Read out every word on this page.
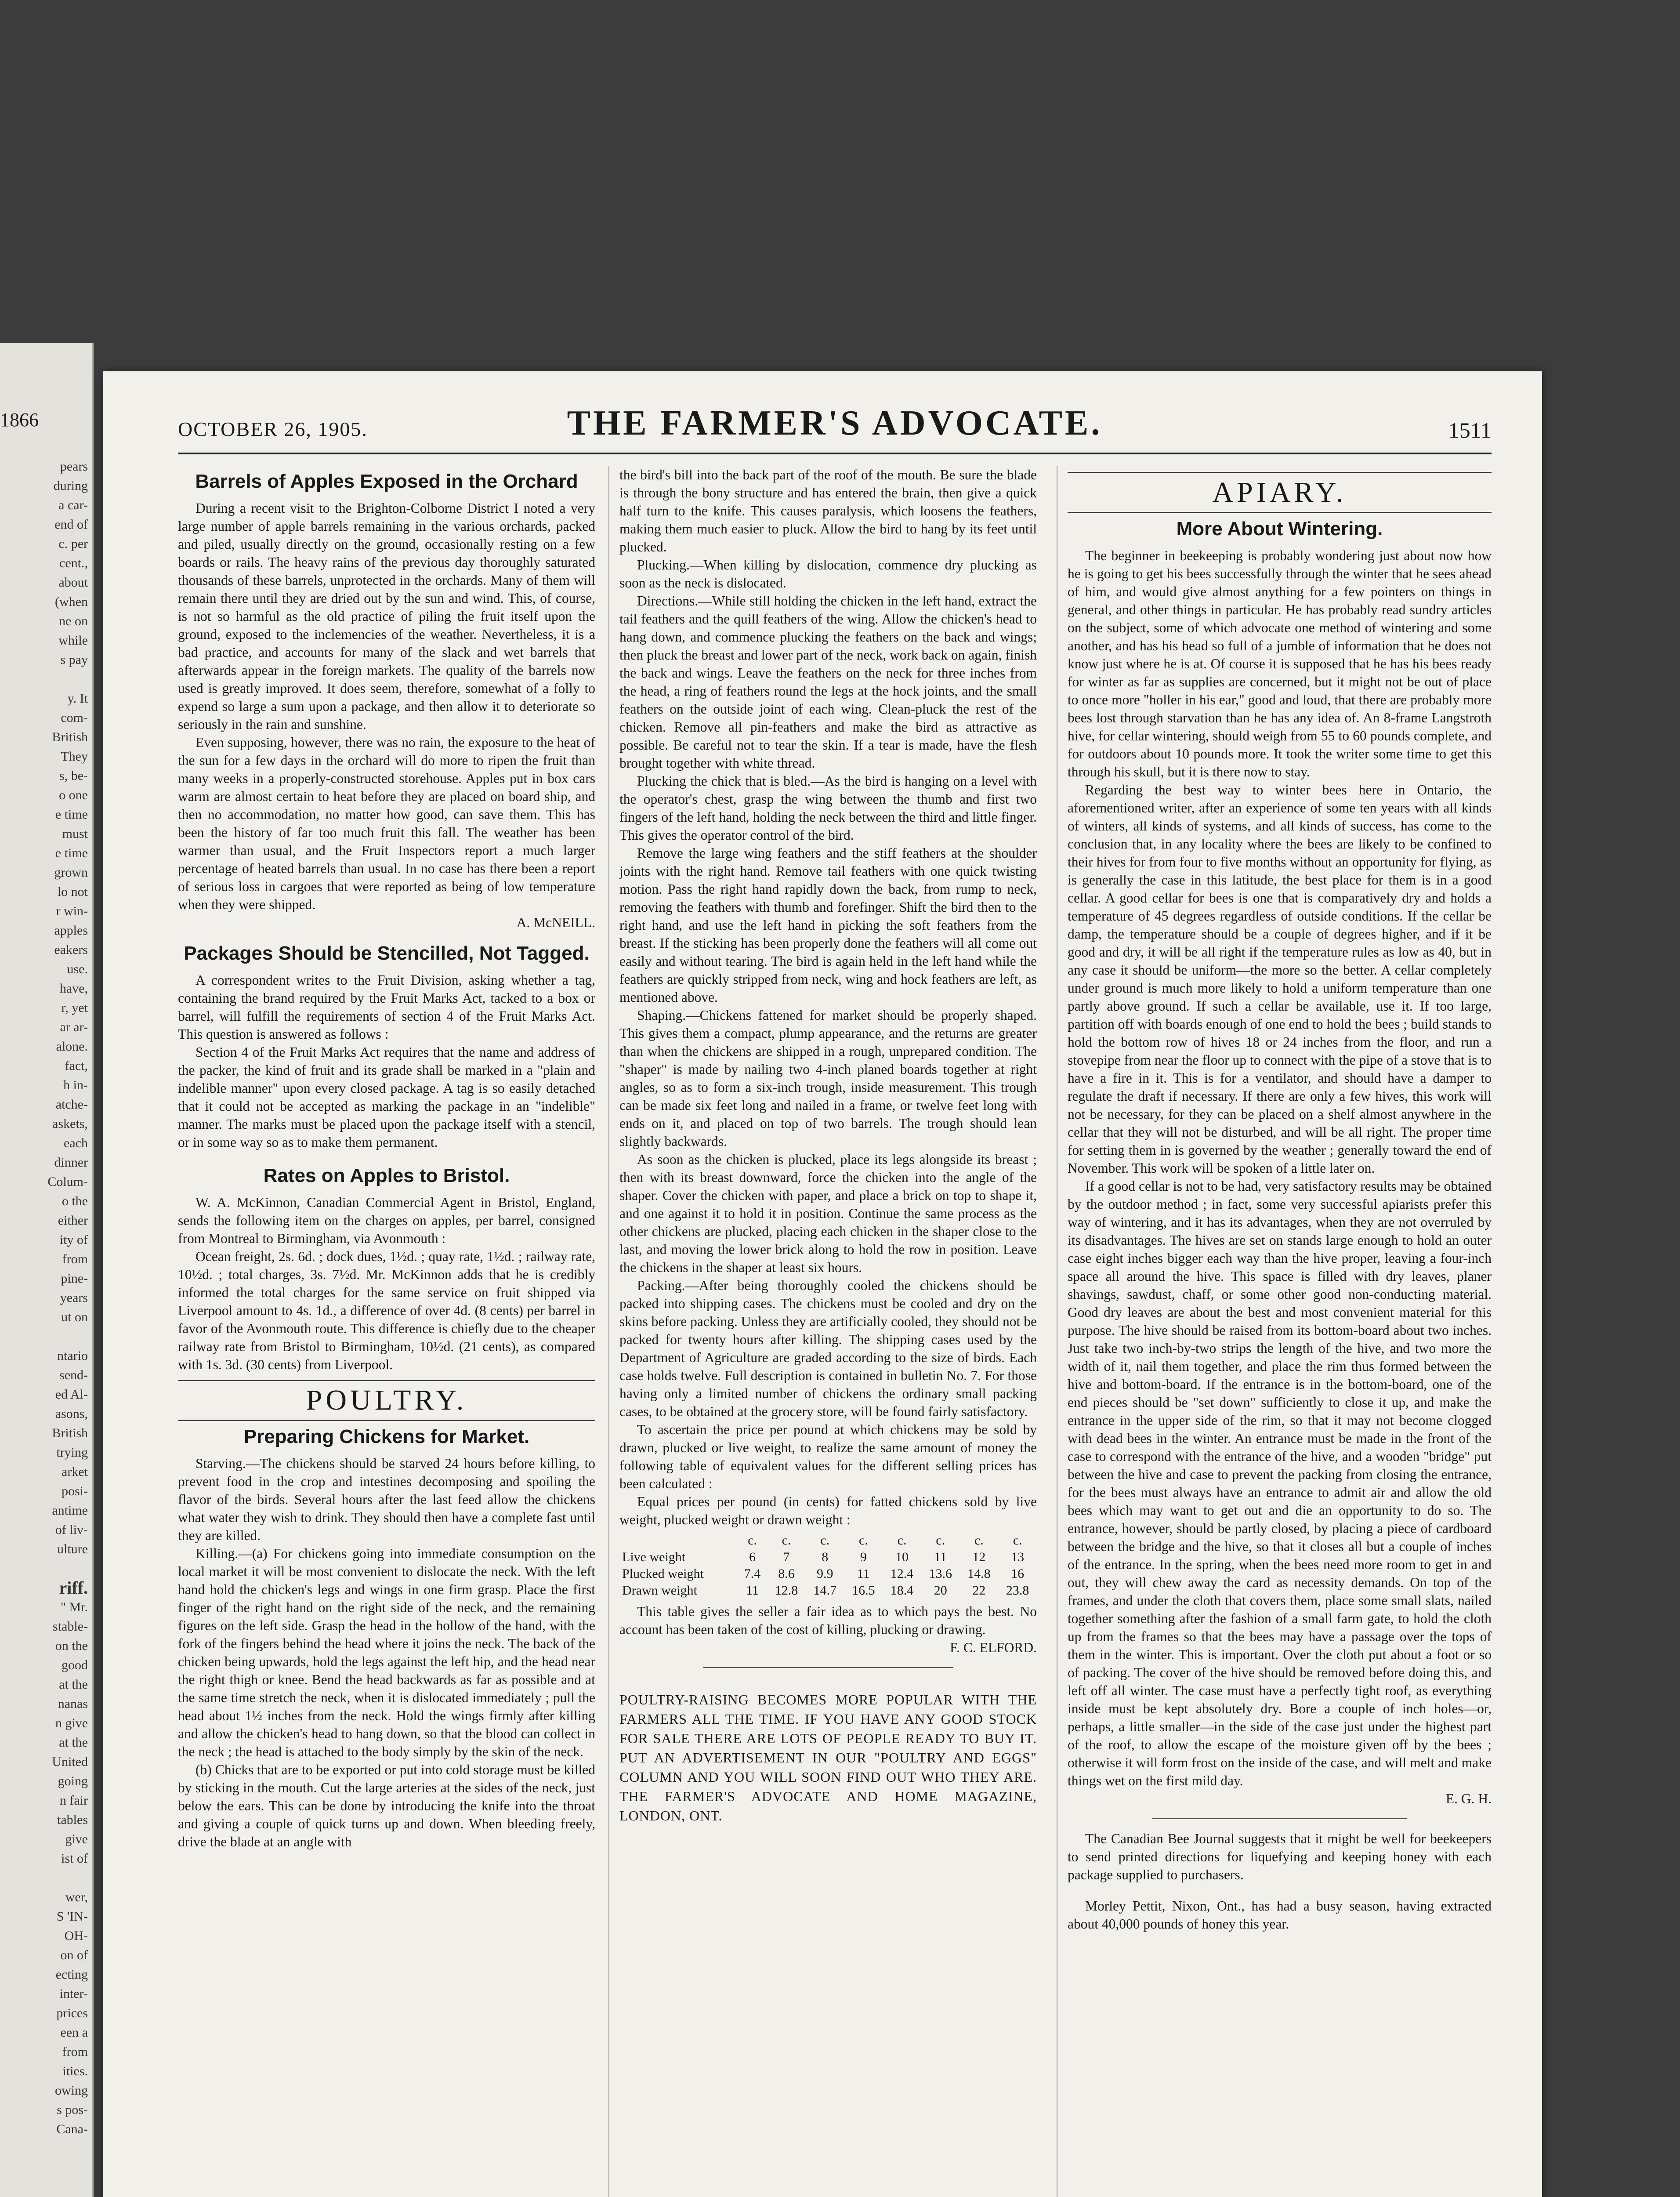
1866
pears
during
a car-
end of
c. per
cent.,
about
(when
ne on
while
s pay

y. It
com-
British
They
s, be-
o one
e time
must
e time
grown
lo not
r win-
apples
eakers
use.
have,
r, yet
ar ar-
alone.
fact,
h in-
atche-
askets,
each
dinner
Colum-
o the
either
ity of
from
pine-
years
ut on

ntario
send-
ed Al-
asons,
British
trying
arket
posi-
antime
of liv-
ulture

riff.
" Mr.
stable-
on the
good
at the
nanas
n give
at the
United
going
n fair
tables
give
ist of

wer,
S 'IN-
OH-
on of
ecting
inter-
prices
een a
from
ities.
owing
s pos-
Cana-

OCTOBER 26, 1905.	THE FARMER'S ADVOCATE.	1511
Barrels of Apples Exposed in the Orchard

During a recent visit to the Brighton-Colborne District I noted a very large number of apple barrels remaining in the various orchards, packed and piled, usually directly on the ground, occasionally resting on a few boards or rails. The heavy rains of the previous day thoroughly saturated thousands of these barrels, unprotected in the orchards. Many of them will remain there until they are dried out by the sun and wind. This, of course, is not so harmful as the old practice of piling the fruit itself upon the ground, exposed to the inclemencies of the weather. Nevertheless, it is a bad practice, and accounts for many of the slack and wet barrels that afterwards appear in the foreign markets. The quality of the barrels now used is greatly improved. It does seem, therefore, somewhat of a folly to expend so large a sum upon a package, and then allow it to deteriorate so seriously in the rain and sunshine.

Even supposing, however, there was no rain, the exposure to the heat of the sun for a few days in the orchard will do more to ripen the fruit than many weeks in a properly-constructed storehouse. Apples put in box cars warm are almost certain to heat before they are placed on board ship, and then no accommodation, no matter how good, can save them. This has been the history of far too much fruit this fall. The weather has been warmer than usual, and the Fruit Inspectors report a much larger percentage of heated barrels than usual. In no case has there been a report of serious loss in cargoes that were reported as being of low temperature when they were shipped.

A. McNEILL.

Packages Should be Stencilled, Not Tagged.

A correspondent writes to the Fruit Division, asking whether a tag, containing the brand required by the Fruit Marks Act, tacked to a box or barrel, will fulfill the requirements of section 4 of the Fruit Marks Act. This question is answered as follows :

Section 4 of the Fruit Marks Act requires that the name and address of the packer, the kind of fruit and its grade shall be marked in a "plain and indelible manner" upon every closed package. A tag is so easily detached that it could not be accepted as marking the package in an "indelible" manner. The marks must be placed upon the package itself with a stencil, or in some way so as to make them permanent.

Rates on Apples to Bristol.

W. A. McKinnon, Canadian Commercial Agent in Bristol, England, sends the following item on the charges on apples, per barrel, consigned from Montreal to Birmingham, via Avonmouth :

Ocean freight, 2s. 6d. ; dock dues, 1½d. ; quay rate, 1½d. ; railway rate, 10½d. ; total charges, 3s. 7½d. Mr. McKinnon adds that he is credibly informed the total charges for the same service on fruit shipped via Liverpool amount to 4s. 1d., a difference of over 4d. (8 cents) per barrel in favor of the Avonmouth route. This difference is chiefly due to the cheaper railway rate from Bristol to Birmingham, 10½d. (21 cents), as compared with 1s. 3d. (30 cents) from Liverpool.

POULTRY.
Preparing Chickens for Market.

Starving.—The chickens should be starved 24 hours before killing, to prevent food in the crop and intestines decomposing and spoiling the flavor of the birds. Several hours after the last feed allow the chickens what water they wish to drink. They should then have a complete fast until they are killed.

Killing.—(a) For chickens going into immediate consumption on the local market it will be most convenient to dislocate the neck. With the left hand hold the chicken's legs and wings in one firm grasp. Place the first finger of the right hand on the right side of the neck, and the remaining figures on the left side. Grasp the head in the hollow of the hand, with the fork of the fingers behind the head where it joins the neck. The back of the chicken being upwards, hold the legs against the left hip, and the head near the right thigh or knee. Bend the head backwards as far as possible and at the same time stretch the neck, when it is dislocated immediately ; pull the head about 1½ inches from the neck. Hold the wings firmly after killing and allow the chicken's head to hang down, so that the blood can collect in the neck ; the head is attached to the body simply by the skin of the neck.

(b) Chicks that are to be exported or put into cold storage must be killed by sticking in the mouth. Cut the large arteries at the sides of the neck, just below the ears. This can be done by introducing the knife into the throat and giving a couple of quick turns up and down. When bleeding freely, drive the blade at an angle with

the bird's bill into the back part of the roof of the mouth. Be sure the blade is through the bony structure and has entered the brain, then give a quick half turn to the knife. This causes paralysis, which loosens the feathers, making them much easier to pluck. Allow the bird to hang by its feet until plucked.

Plucking.—When killing by dislocation, commence dry plucking as soon as the neck is dislocated.

Directions.—While still holding the chicken in the left hand, extract the tail feathers and the quill feathers of the wing. Allow the chicken's head to hang down, and commence plucking the feathers on the back and wings; then pluck the breast and lower part of the neck, work back on again, finish the back and wings. Leave the feathers on the neck for three inches from the head, a ring of feathers round the legs at the hock joints, and the small feathers on the outside joint of each wing. Clean-pluck the rest of the chicken. Remove all pin-feathers and make the bird as attractive as possible. Be careful not to tear the skin. If a tear is made, have the flesh brought together with white thread.

Plucking the chick that is bled.—As the bird is hanging on a level with the operator's chest, grasp the wing between the thumb and first two fingers of the left hand, holding the neck between the third and little finger. This gives the operator control of the bird.

Remove the large wing feathers and the stiff feathers at the shoulder joints with the right hand. Remove tail feathers with one quick twisting motion. Pass the right hand rapidly down the back, from rump to neck, removing the feathers with thumb and forefinger. Shift the bird then to the right hand, and use the left hand in picking the soft feathers from the breast. If the sticking has been properly done the feathers will all come out easily and without tearing. The bird is again held in the left hand while the feathers are quickly stripped from neck, wing and hock feathers are left, as mentioned above.

Shaping.—Chickens fattened for market should be properly shaped. This gives them a compact, plump appearance, and the returns are greater than when the chickens are shipped in a rough, unprepared condition. The "shaper" is made by nailing two 4-inch planed boards together at right angles, so as to form a six-inch trough, inside measurement. This trough can be made six feet long and nailed in a frame, or twelve feet long with ends on it, and placed on top of two barrels. The trough should lean slightly backwards.

As soon as the chicken is plucked, place its legs alongside its breast ; then with its breast downward, force the chicken into the angle of the shaper. Cover the chicken with paper, and place a brick on top to shape it, and one against it to hold it in position. Continue the same process as the other chickens are plucked, placing each chicken in the shaper close to the last, and moving the lower brick along to hold the row in position. Leave the chickens in the shaper at least six hours.

Packing.—After being thoroughly cooled the chickens should be packed into shipping cases. The chickens must be cooled and dry on the skins before packing. Unless they are artificially cooled, they should not be packed for twenty hours after killing. The shipping cases used by the Department of Agriculture are graded according to the size of birds. Each case holds twelve. Full description is contained in bulletin No. 7. For those having only a limited number of chickens the ordinary small packing cases, to be obtained at the grocery store, will be found fairly satisfactory.

To ascertain the price per pound at which chickens may be sold by drawn, plucked or live weight, to realize the same amount of money the following table of equivalent values for the different selling prices has been calculated :

Equal prices per pound (in cents) for fatted chickens sold by live weight, plucked weight or drawn weight :

	c.	c.	c.	c.	c.	c.	c.	c.
Live weight	6	7	8	9	10	11	12	13
Plucked weight	7.4	8.6	9.9	11	12.4	13.6	14.8	16
Drawn weight	11	12.8	14.7	16.5	18.4	20	22	23.8

This table gives the seller a fair idea as to which pays the best. No account has been taken of the cost of killing, plucking or drawing.

F. C. ELFORD.

POULTRY-RAISING BECOMES MORE POPULAR WITH THE FARMERS ALL THE TIME. IF YOU HAVE ANY GOOD STOCK FOR SALE THERE ARE LOTS OF PEOPLE READY TO BUY IT. PUT AN ADVERTISEMENT IN OUR "POULTRY AND EGGS" COLUMN AND YOU WILL SOON FIND OUT WHO THEY ARE. THE FARMER'S ADVOCATE AND HOME MAGAZINE, LONDON, ONT.

APIARY.
More About Wintering.

The beginner in beekeeping is probably wondering just about now how he is going to get his bees successfully through the winter that he sees ahead of him, and would give almost anything for a few pointers on things in general, and other things in particular. He has probably read sundry articles on the subject, some of which advocate one method of wintering and some another, and has his head so full of a jumble of information that he does not know just where he is at. Of course it is supposed that he has his bees ready for winter as far as supplies are concerned, but it might not be out of place to once more "holler in his ear," good and loud, that there are probably more bees lost through starvation than he has any idea of. An 8-frame Langstroth hive, for cellar wintering, should weigh from 55 to 60 pounds complete, and for outdoors about 10 pounds more. It took the writer some time to get this through his skull, but it is there now to stay.

Regarding the best way to winter bees here in Ontario, the aforementioned writer, after an experience of some ten years with all kinds of winters, all kinds of systems, and all kinds of success, has come to the conclusion that, in any locality where the bees are likely to be confined to their hives for from four to five months without an opportunity for flying, as is generally the case in this latitude, the best place for them is in a good cellar. A good cellar for bees is one that is comparatively dry and holds a temperature of 45 degrees regardless of outside conditions. If the cellar be damp, the temperature should be a couple of degrees higher, and if it be good and dry, it will be all right if the temperature rules as low as 40, but in any case it should be uniform—the more so the better. A cellar completely under ground is much more likely to hold a uniform temperature than one partly above ground. If such a cellar be available, use it. If too large, partition off with boards enough of one end to hold the bees ; build stands to hold the bottom row of hives 18 or 24 inches from the floor, and run a stovepipe from near the floor up to connect with the pipe of a stove that is to have a fire in it. This is for a ventilator, and should have a damper to regulate the draft if necessary. If there are only a few hives, this work will not be necessary, for they can be placed on a shelf almost anywhere in the cellar that they will not be disturbed, and will be all right. The proper time for setting them in is governed by the weather ; generally toward the end of November. This work will be spoken of a little later on.

If a good cellar is not to be had, very satisfactory results may be obtained by the outdoor method ; in fact, some very successful apiarists prefer this way of wintering, and it has its advantages, when they are not overruled by its disadvantages. The hives are set on stands large enough to hold an outer case eight inches bigger each way than the hive proper, leaving a four-inch space all around the hive. This space is filled with dry leaves, planer shavings, sawdust, chaff, or some other good non-conducting material. Good dry leaves are about the best and most convenient material for this purpose. The hive should be raised from its bottom-board about two inches. Just take two inch-by-two strips the length of the hive, and two more the width of it, nail them together, and place the rim thus formed between the hive and bottom-board. If the entrance is in the bottom-board, one of the end pieces should be "set down" sufficiently to close it up, and make the entrance in the upper side of the rim, so that it may not become clogged with dead bees in the winter. An entrance must be made in the front of the case to correspond with the entrance of the hive, and a wooden "bridge" put between the hive and case to prevent the packing from closing the entrance, for the bees must always have an entrance to admit air and allow the old bees which may want to get out and die an opportunity to do so. The entrance, however, should be partly closed, by placing a piece of cardboard between the bridge and the hive, so that it closes all but a couple of inches of the entrance. In the spring, when the bees need more room to get in and out, they will chew away the card as necessity demands. On top of the frames, and under the cloth that covers them, place some small slats, nailed together something after the fashion of a small farm gate, to hold the cloth up from the frames so that the bees may have a passage over the tops of them in the winter. This is important. Over the cloth put about a foot or so of packing. The cover of the hive should be removed before doing this, and left off all winter. The case must have a perfectly tight roof, as everything inside must be kept absolutely dry. Bore a couple of inch holes—or, perhaps, a little smaller—in the side of the case just under the highest part of the roof, to allow the escape of the moisture given off by the bees ; otherwise it will form frost on the inside of the case, and will melt and make things wet on the first mild day.

E. G. H.

The Canadian Bee Journal suggests that it might be well for beekeepers to send printed directions for liquefying and keeping honey with each package supplied to purchasers.

Morley Pettit, Nixon, Ont., has had a busy season, having extracted about 40,000 pounds of honey this year.
